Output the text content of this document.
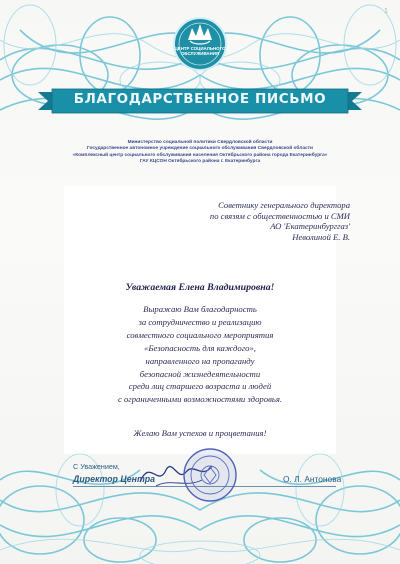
1
ЦЕНТР СОЦИАЛЬНОГО
ОБСЛУЖИВАНИЯ
БЛАГОДАРСТВЕННОЕ ПИСЬМО
Министерство социальной политики Свердловской области
Государственное автономное учреждение социального обслуживания Свердловской области
«Комплексный центр социального обслуживания населения Октябрьского района города Екатеринбурга»
ГАУ КЦСОН Октябрьского района г. Екатеринбурга
Советнику генерального директора
по связям с общественностью и СМИ
АО 'Екатеринбурггаз'
Неволиной Е. В.
Уважаемая Елена Владимировна!
Выражаю Вам благодарность
за сотрудничество и реализацию
совместного социального мероприятия
«Безопасность для каждого»,
направленного на пропаганду
безопасной жизнедеятельности
среди лиц старшего возраста и людей
с ограниченными возможностями здоровья.
Желаю Вам успехов и процветания!
С Уважением,
Директор Центра	О. Л. Антонова
